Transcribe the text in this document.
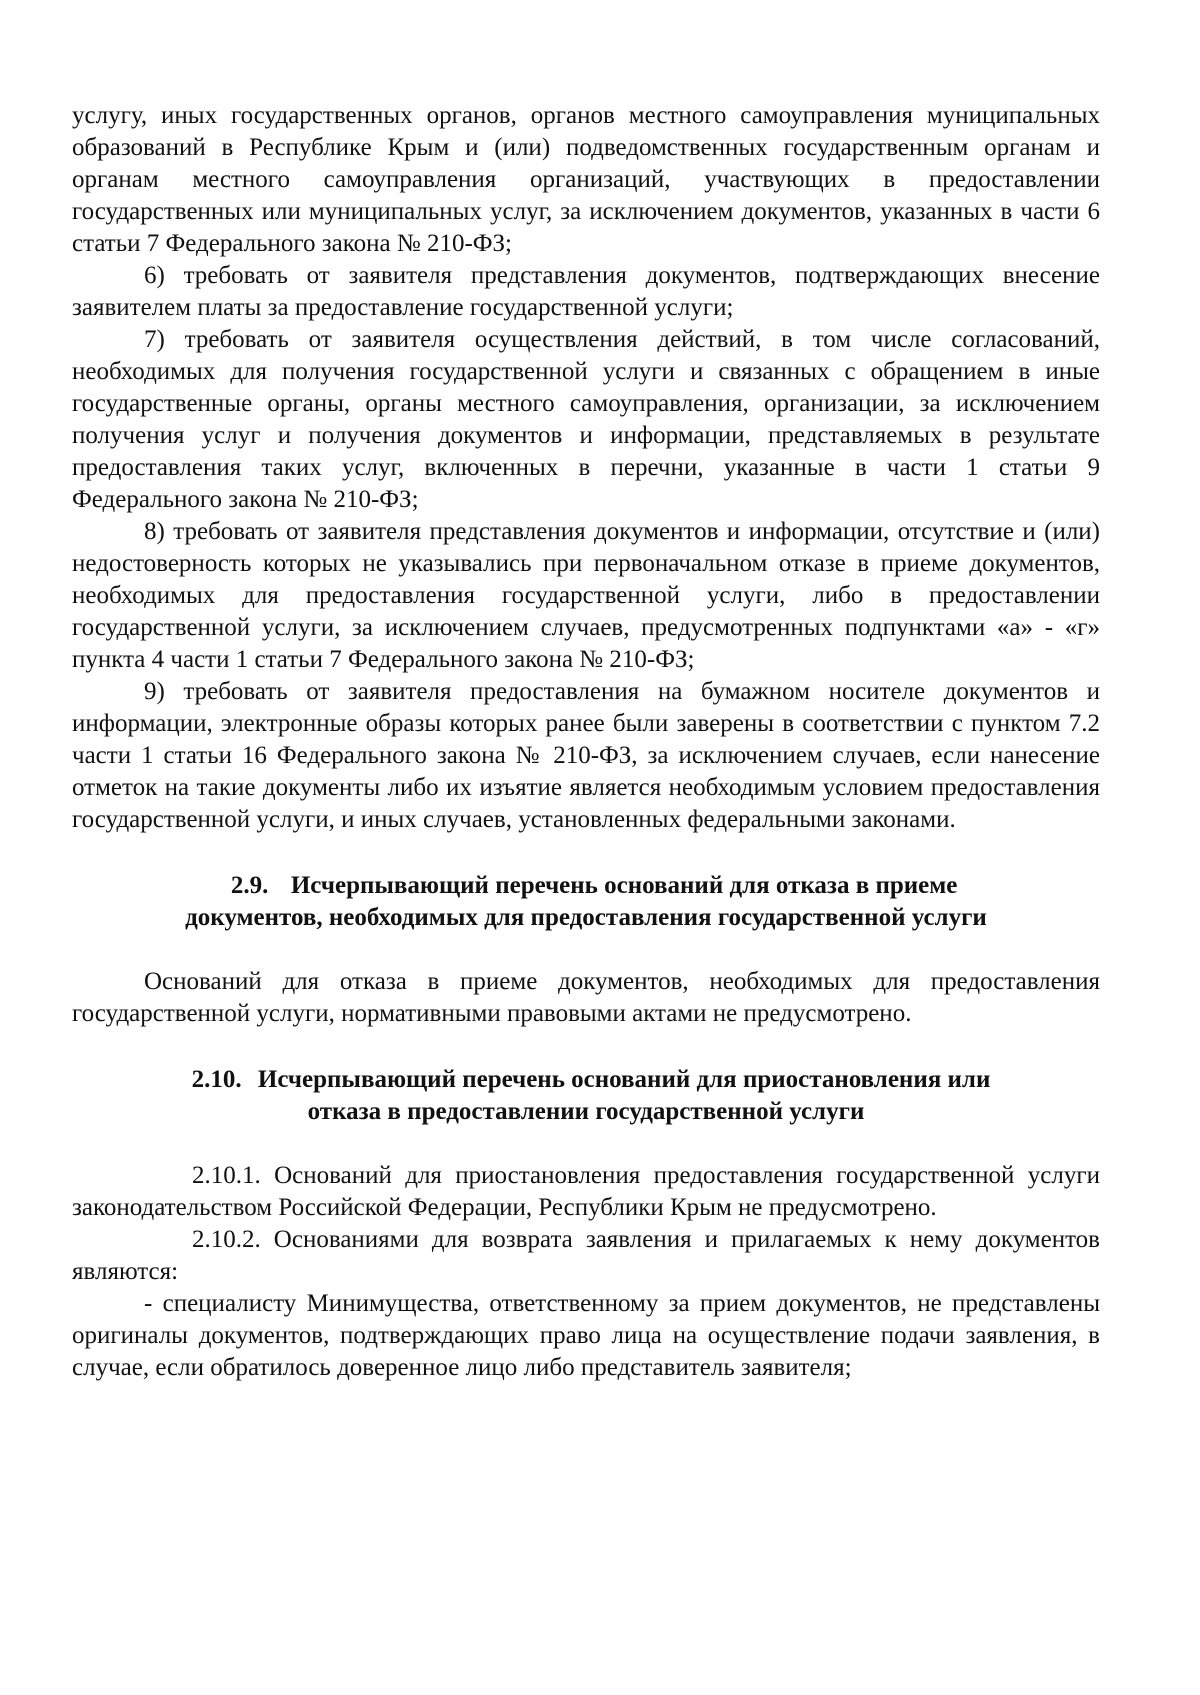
услугу, иных государственных органов, органов местного самоуправления муниципальных образований в Республике Крым и (или) подведомственных государственным органам и органам местного самоуправления организаций, участвующих в предоставлении государственных или муниципальных услуг, за исключением документов, указанных в части 6 статьи 7 Федерального закона № 210-ФЗ;

6) требовать от заявителя представления документов, подтверждающих внесение заявителем платы за предоставление государственной услуги;

7) требовать от заявителя осуществления действий, в том числе согласований, необходимых для получения государственной услуги и связанных с обращением в иные государственные органы, органы местного самоуправления, организации, за исключением получения услуг и получения документов и информации, представляемых в результате предоставления таких услуг, включенных в перечни, указанные в части 1 статьи 9 Федерального закона № 210-ФЗ;

8) требовать от заявителя представления документов и информации, отсутствие и (или) недостоверность которых не указывались при первоначальном отказе в приеме документов, необходимых для предоставления государственной услуги, либо в предоставлении государственной услуги, за исключением случаев, предусмотренных подпунктами «а» - «г» пункта 4 части 1 статьи 7 Федерального закона № 210-ФЗ;

9) требовать от заявителя предоставления на бумажном носителе документов и информации, электронные образы которых ранее были заверены в соответствии с пунктом 7.2 части 1 статьи 16 Федерального закона № 210-ФЗ, за исключением случаев, если нанесение отметок на такие документы либо их изъятие является необходимым условием предоставления государственной услуги, и иных случаев, установленных федеральными законами.

2.9. Исчерпывающий перечень оснований для отказа в приеме

документов, необходимых для предоставления государственной услуги

Оснований для отказа в приеме документов, необходимых для предоставления государственной услуги, нормативными правовыми актами не предусмотрено.

2.10. Исчерпывающий перечень оснований для приостановления или

отказа в предоставлении государственной услуги

2.10.1. Оснований для приостановления предоставления государственной услуги законодательством Российской Федерации, Республики Крым не предусмотрено.

2.10.2. Основаниями для возврата заявления и прилагаемых к нему документов являются:

- специалисту Минимущества, ответственному за прием документов, не представлены оригиналы документов, подтверждающих право лица на осуществление подачи заявления, в случае, если обратилось доверенное лицо либо представитель заявителя;
